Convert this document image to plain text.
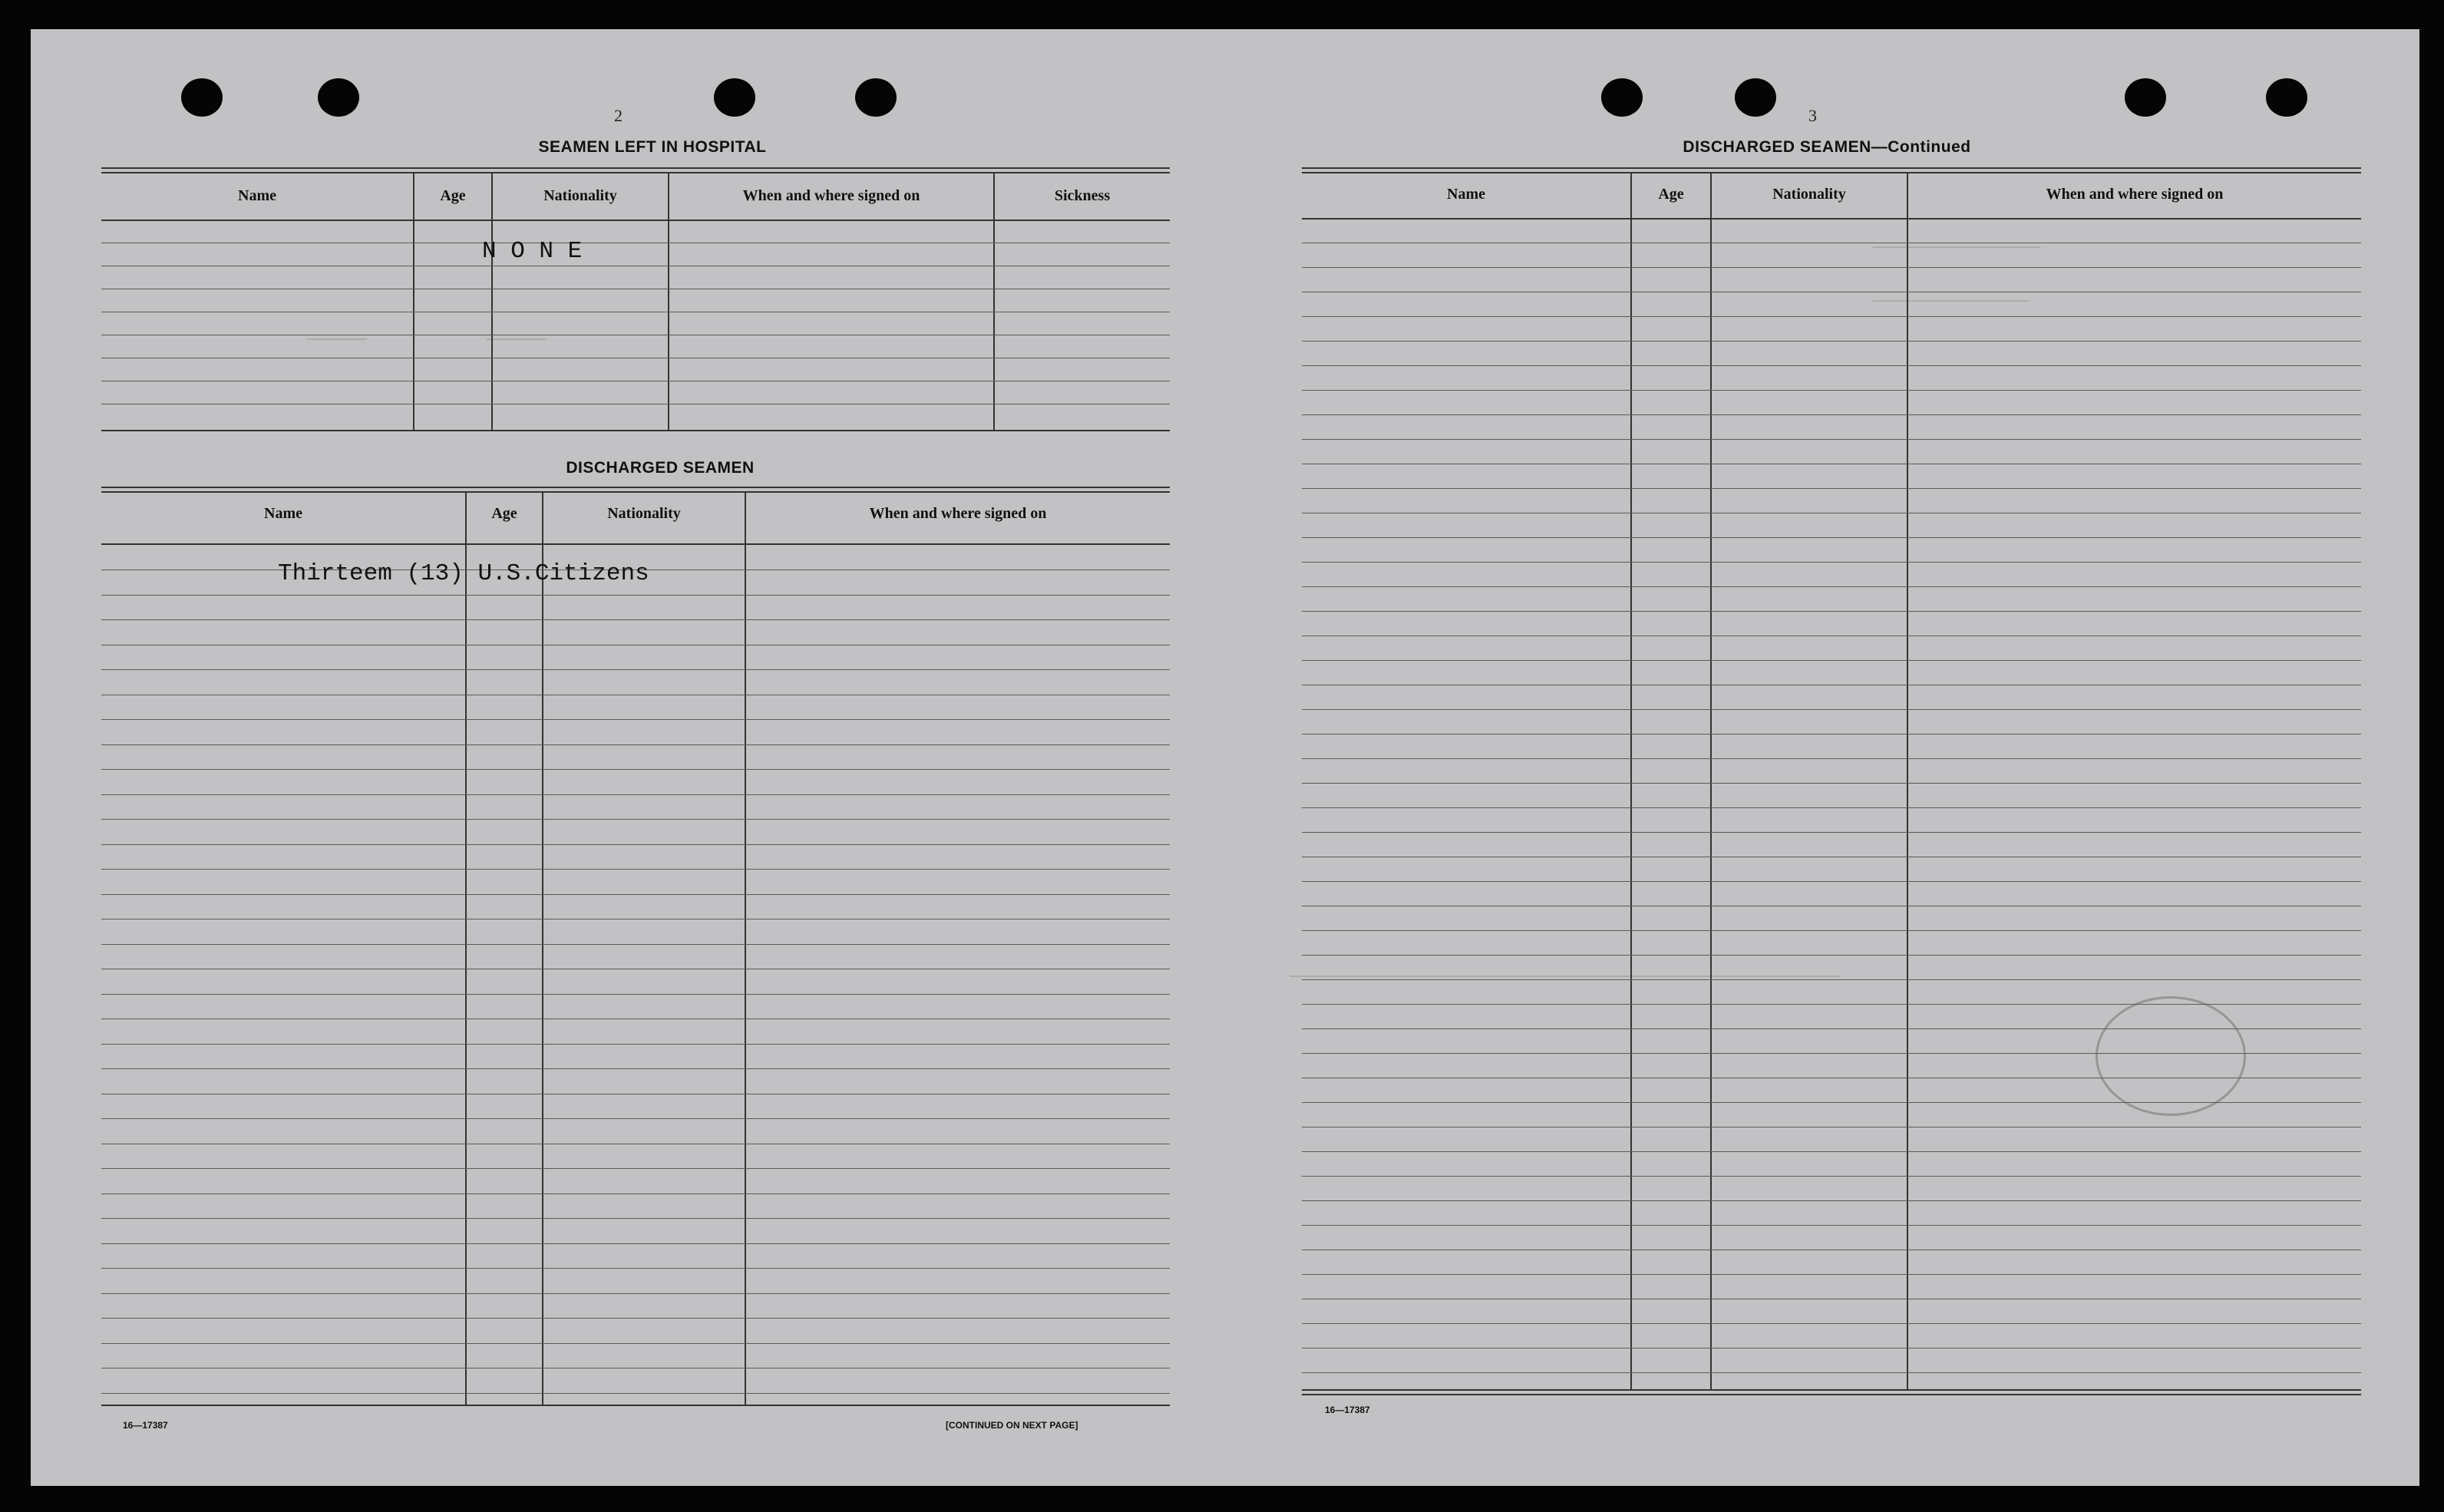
─────          ─────
──────────────
─────────────
──────────────────────────────────────────────
2
SEAMEN LEFT IN HOSPITAL
Name	Age	Nationality	When and where signed on	Sickness
N O N E
DISCHARGED SEAMEN
Name	Age	Nationality	When and where signed on
Thirteem (13) U.S.Citizens
16—17387	[CONTINUED ON NEXT PAGE]
3
DISCHARGED SEAMEN—Continued
Name	Age	Nationality	When and where signed on
16—17387
